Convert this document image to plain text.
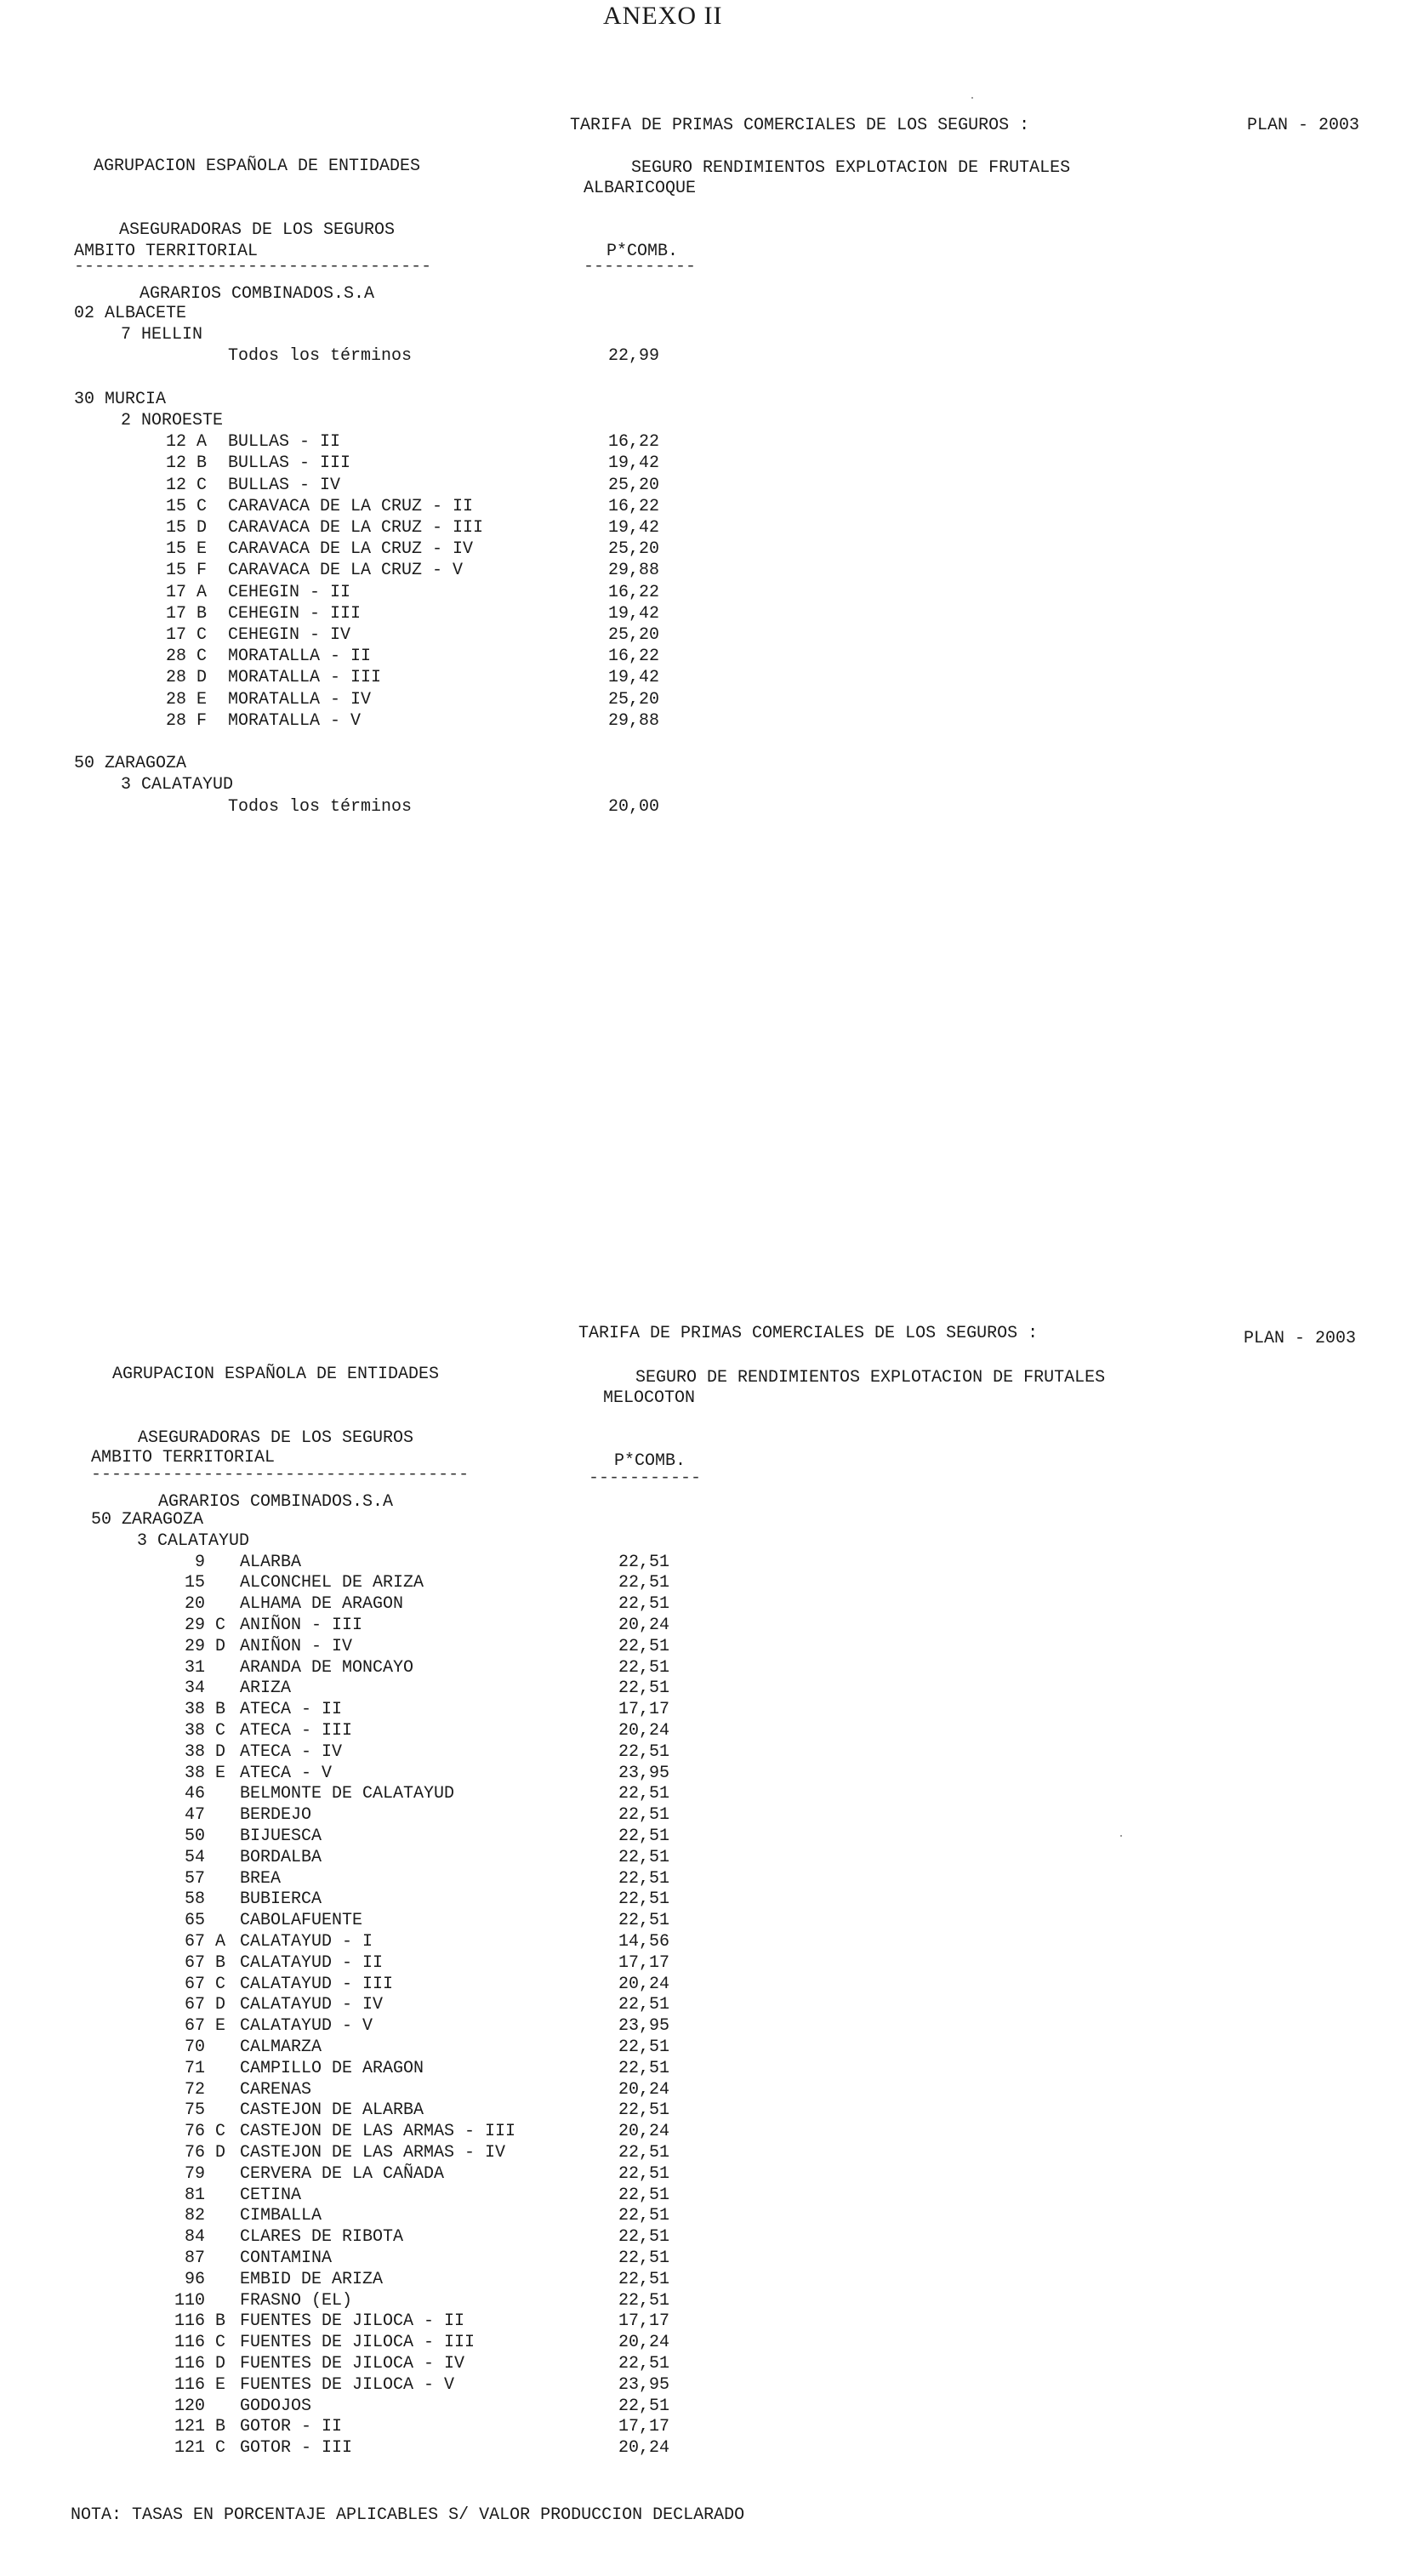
ANEXO II

AGRUPACION ESPAÑOLA DE ENTIDADES

ASEGURADORAS DE LOS SEGUROS

AGRARIOS COMBINADOS.S.A

TARIFA DE PRIMAS COMERCIALES DE LOS SEGUROS :	PLAN - 2003
SEGURO RENDIMIENTOS EXPLOTACION DE FRUTALES
ALBARICOQUE
AMBITO TERRITORIAL	P*COMB.
-----------------------------------	-----------
02 ALBACETE
7 HELLIN
Todos los términos	22,99
30 MURCIA
2 NOROESTE
12 A BULLAS - II	16,22
12 B BULLAS - III	19,42
12 C BULLAS - IV	25,20
15 C CARAVACA DE LA CRUZ - II	16,22
15 D CARAVACA DE LA CRUZ - III	19,42
15 E CARAVACA DE LA CRUZ - IV	25,20
15 F CARAVACA DE LA CRUZ - V	29,88
17 A CEHEGIN - II	16,22
17 B CEHEGIN - III	19,42
17 C CEHEGIN - IV	25,20
28 C MORATALLA - II	16,22
28 D MORATALLA - III	19,42
28 E MORATALLA - IV	25,20
28 F MORATALLA - V	29,88
50 ZARAGOZA
3 CALATAYUD
Todos los términos	20,00

AGRUPACION ESPAÑOLA DE ENTIDADES

ASEGURADORAS DE LOS SEGUROS

AGRARIOS COMBINADOS.S.A

TARIFA DE PRIMAS COMERCIALES DE LOS SEGUROS :	PLAN - 2003
SEGURO DE RENDIMIENTOS EXPLOTACION DE FRUTALES
MELOCOTON
AMBITO TERRITORIAL	P*COMB.
-------------------------------------	-----------
50 ZARAGOZA
3 CALATAYUD
9 ALARBA	22,51
15 ALCONCHEL DE ARIZA	22,51
20 ALHAMA DE ARAGON	22,51
29 C ANIÑON - III	20,24
29 D ANIÑON - IV	22,51
31 ARANDA DE MONCAYO	22,51
34 ARIZA	22,51
38 B ATECA - II	17,17
38 C ATECA - III	20,24
38 D ATECA - IV	22,51
38 E ATECA - V	23,95
46 BELMONTE DE CALATAYUD	22,51
47 BERDEJO	22,51
50 BIJUESCA	22,51
54 BORDALBA	22,51
57 BREA	22,51
58 BUBIERCA	22,51
65 CABOLAFUENTE	22,51
67 A CALATAYUD - I	14,56
67 B CALATAYUD - II	17,17
67 C CALATAYUD - III	20,24
67 D CALATAYUD - IV	22,51
67 E CALATAYUD - V	23,95
70 CALMARZA	22,51
71 CAMPILLO DE ARAGON	22,51
72 CARENAS	20,24
75 CASTEJON DE ALARBA	22,51
76 C CASTEJON DE LAS ARMAS - III	20,24
76 D CASTEJON DE LAS ARMAS - IV	22,51
79 CERVERA DE LA CAÑADA	22,51
81 CETINA	22,51
82 CIMBALLA	22,51
84 CLARES DE RIBOTA	22,51
87 CONTAMINA	22,51
96 EMBID DE ARIZA	22,51
110 FRASNO (EL)	22,51
116 B FUENTES DE JILOCA - II	17,17
116 C FUENTES DE JILOCA - III	20,24
116 D FUENTES DE JILOCA - IV	22,51
116 E FUENTES DE JILOCA - V	23,95
120 GODOJOS	22,51
121 B GOTOR - II	17,17
121 C GOTOR - III	20,24
NOTA: TASAS EN PORCENTAJE APLICABLES S/ VALOR PRODUCCION DECLARADO
